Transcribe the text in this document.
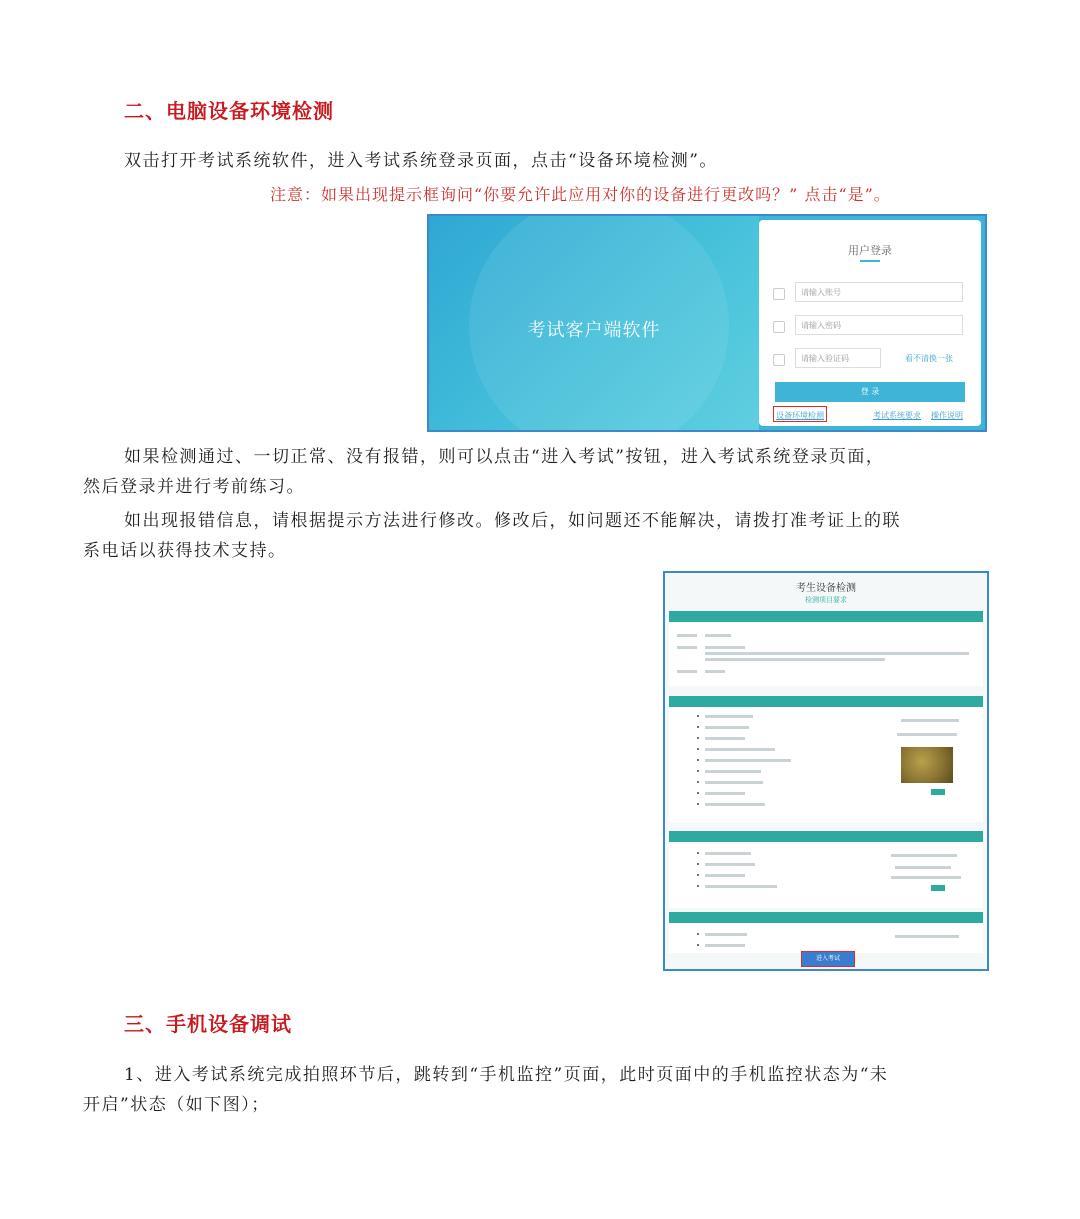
二、电脑设备环境检测
双击打开考试系统软件，进入考试系统登录页面，点击“设备环境检测”。
注意：如果出现提示框询问“你要允许此应用对你的设备进行更改吗？” 点击“是”。
考试客户端软件
用户登录
请输入账号
请输入密码
请输入验证码	看不清换一张
登 录
设备环境检测	考试系统要求 操作说明
如果检测通过、一切正常、没有报错，则可以点击“进入考试”按钮，进入考试系统登录页面，
然后登录并进行考前练习。
如出现报错信息，请根据提示方法进行修改。修改后，如问题还不能解决，请拨打准考证上的联
系电话以获得技术支持。
考生设备检测
检测项目要求
进入考试
三、手机设备调试
1、进入考试系统完成拍照环节后，跳转到“手机监控”页面，此时页面中的手机监控状态为“未
开启”状态（如下图）；
